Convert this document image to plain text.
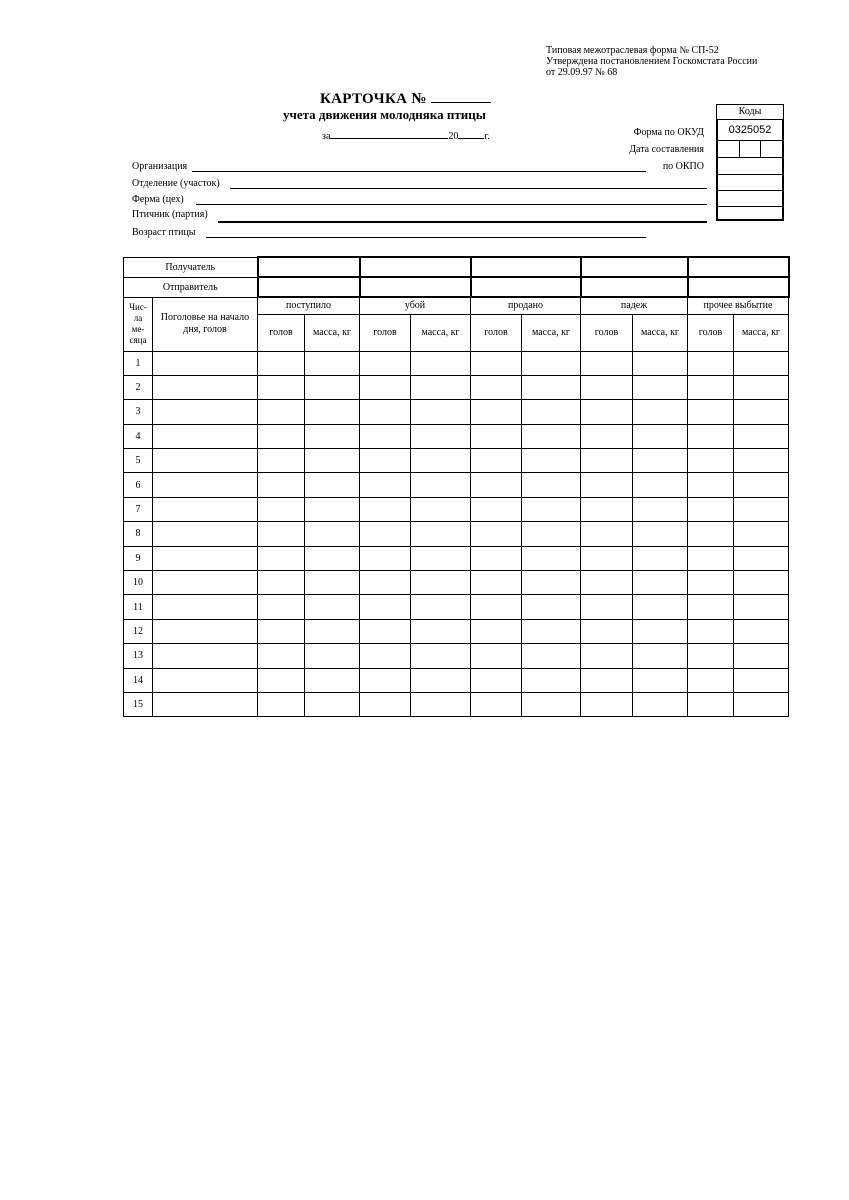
Типовая межотраслевая форма № СП-52
Утверждена постановлением Госкомстата России
от 29.09.97 № 68
КАРТОЧКА №
учета движения молодняка птицы
за	20	г.	Форма по ОКУД
Дата составления
по ОКПО
0325052
Коды
Организация
Отделение (участок)
Ферма (цех)
Птичник (партия)
Возраст птицы
Получатель											
Отправитель											
Чис-
ла
ме-
сяца	Поголовье на начало дня, голов	поступило		убой		продано		падеж		прочее выбытие	
		голов	масса, кг	голов	масса, кг	голов	масса, кг	голов	масса, кг	голов	масса, кг
1											
2											
3											
4											
5											
6											
7											
8											
9											
10											
11											
12											
13											
14											
15											
